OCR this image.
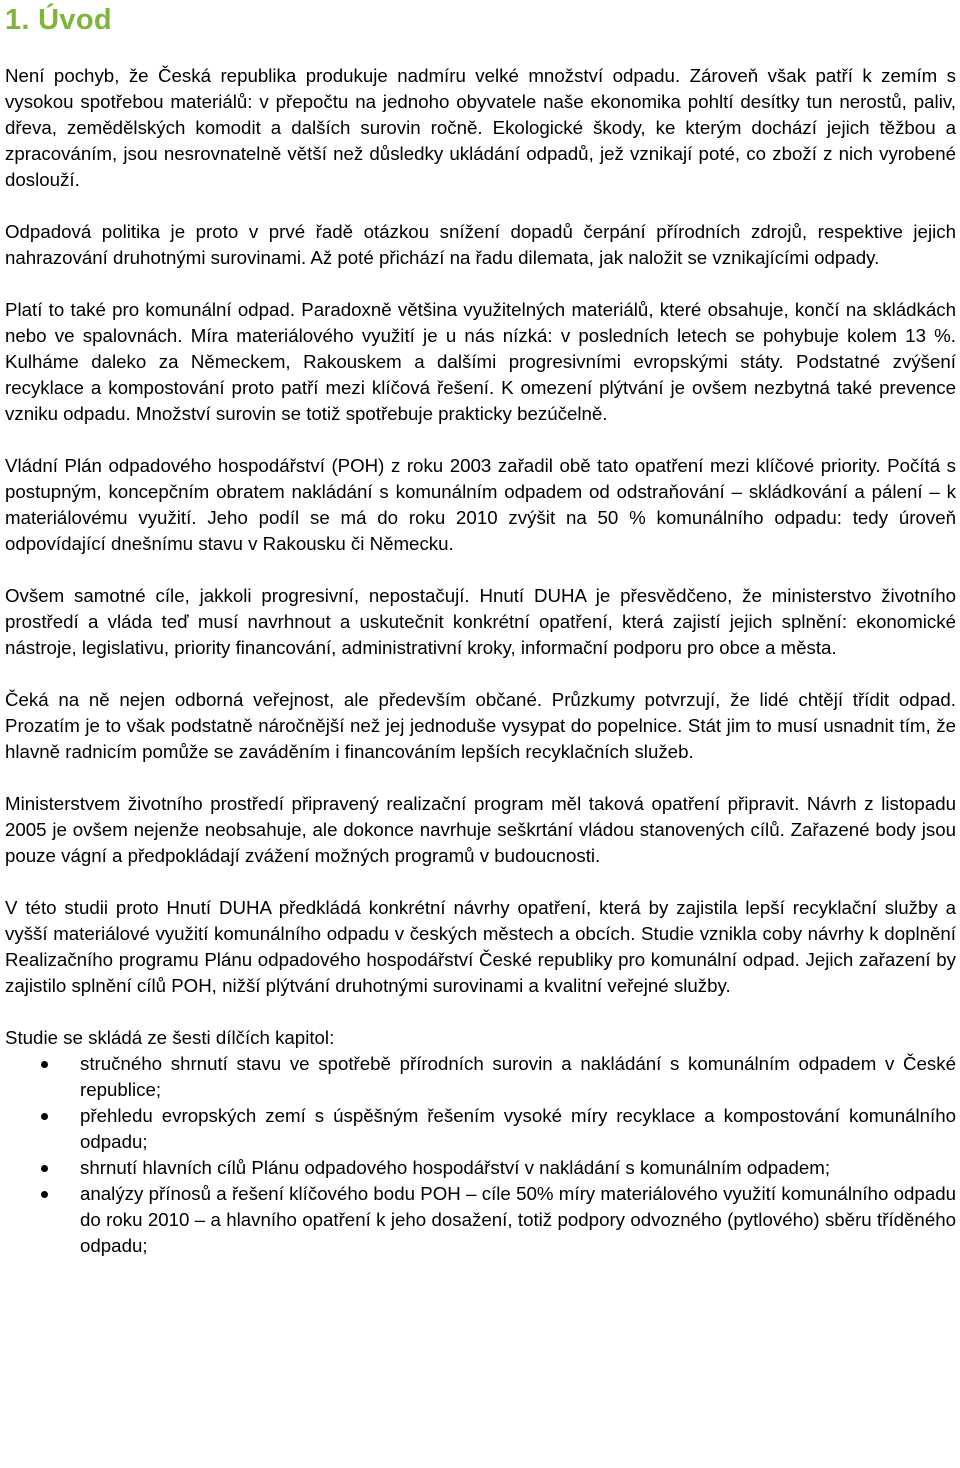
1. Úvod

Není pochyb, že Česká republika produkuje nadmíru velké množství odpadu. Zároveň však patří k zemím s vysokou spotřebou materiálů: v přepočtu na jednoho obyvatele naše ekonomika pohltí desítky tun nerostů, paliv, dřeva, zemědělských komodit a dalších surovin ročně. Ekologické škody, ke kterým dochází jejich těžbou a zpracováním, jsou nesrovnatelně větší než důsledky ukládání odpadů, jež vznikají poté, co zboží z nich vyrobené doslouží.

Odpadová politika je proto v prvé řadě otázkou snížení dopadů čerpání přírodních zdrojů, respektive jejich nahrazování druhotnými surovinami. Až poté přichází na řadu dilemata, jak naložit se vznikajícími odpady.

Platí to také pro komunální odpad. Paradoxně většina využitelných materiálů, které obsahuje, končí na skládkách nebo ve spalovnách. Míra materiálového využití je u nás nízká: v posledních letech se pohybuje kolem 13 %. Kulháme daleko za Německem, Rakouskem a dalšími progresivními evropskými státy. Podstatné zvýšení recyklace a kompostování proto patří mezi klíčová řešení. K omezení plýtvání je ovšem nezbytná také prevence vzniku odpadu. Množství surovin se totiž spotřebuje prakticky bezúčelně.

Vládní Plán odpadového hospodářství (POH) z roku 2003 zařadil obě tato opatření mezi klíčové priority. Počítá s postupným, koncepčním obratem nakládání s komunálním odpadem od odstraňování – skládkování a pálení – k materiálovému využití. Jeho podíl se má do roku 2010 zvýšit na 50 % komunálního odpadu: tedy úroveň odpovídající dnešnímu stavu v Rakousku či Německu.

Ovšem samotné cíle, jakkoli progresivní, nepostačují. Hnutí DUHA je přesvědčeno, že ministerstvo životního prostředí a vláda teď musí navrhnout a uskutečnit konkrétní opatření, která zajistí jejich splnění: ekonomické nástroje, legislativu, priority financování, administrativní kroky, informační podporu pro obce a města.

Čeká na ně nejen odborná veřejnost, ale především občané. Průzkumy potvrzují, že lidé chtějí třídit odpad. Prozatím je to však podstatně náročnější než jej jednoduše vysypat do popelnice. Stát jim to musí usnadnit tím, že hlavně radnicím pomůže se zaváděním i financováním lepších recyklačních služeb.

Ministerstvem životního prostředí připravený realizační program měl taková opatření připravit. Návrh z listopadu 2005 je ovšem nejenže neobsahuje, ale dokonce navrhuje seškrtání vládou stanovených cílů. Zařazené body jsou pouze vágní a předpokládají zvážení možných programů v budoucnosti.

V této studii proto Hnutí DUHA předkládá konkrétní návrhy opatření, která by zajistila lepší recyklační služby a vyšší materiálové využití komunálního odpadu v českých městech a obcích. Studie vznikla coby návrhy k doplnění Realizačního programu Plánu odpadového hospodářství České republiky pro komunální odpad. Jejich zařazení by zajistilo splnění cílů POH, nižší plýtvání druhotnými surovinami a kvalitní veřejné služby.

Studie se skládá ze šesti dílčích kapitol:

stručného shrnutí stavu ve spotřebě přírodních surovin a nakládání s komunálním odpadem v České republice;
přehledu evropských zemí s úspěšným řešením vysoké míry recyklace a kompostování komunálního odpadu;
shrnutí hlavních cílů Plánu odpadového hospodářství v nakládání s komunálním odpadem;
analýzy přínosů a řešení klíčového bodu POH – cíle 50% míry materiálového využití komunálního odpadu do roku 2010 – a hlavního opatření k jeho dosažení, totiž podpory odvozného (pytlového) sběru tříděného odpadu;
